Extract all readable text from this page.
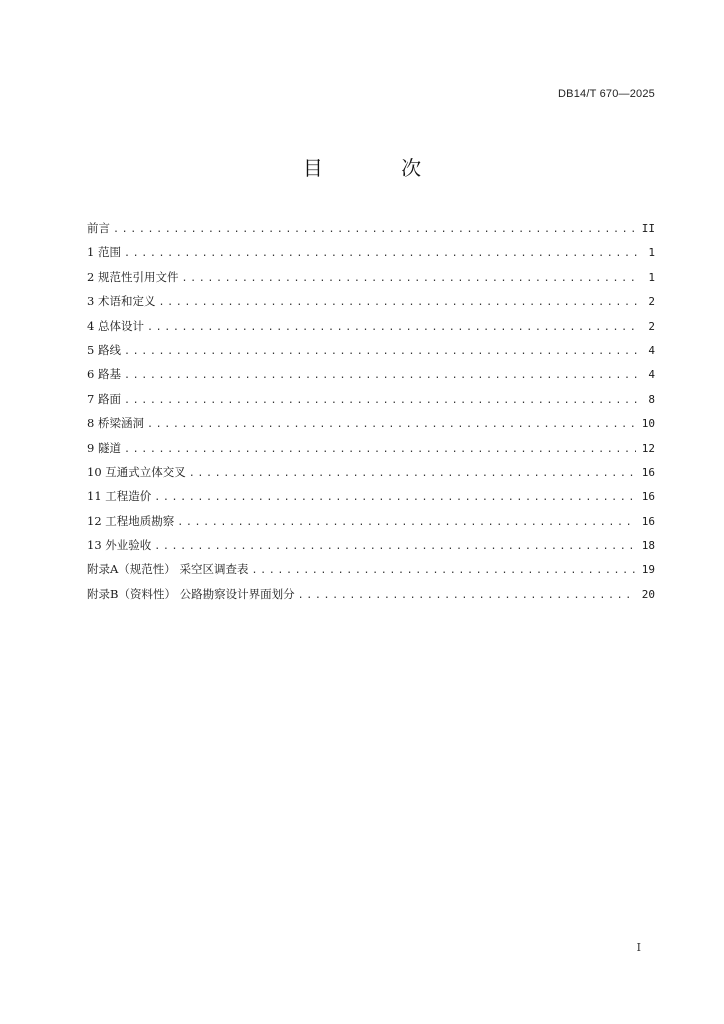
DB14/T 670—2025
目 次
前言 .....	II
1 范围 .....	1
2 规范性引用文件 .....	1
3 术语和定义 .....	2
4 总体设计 .....	2
5 路线 .....	4
6 路基 .....	4
7 路面 .....	8
8 桥梁涵洞 .....	10
9 隧道 .....	12
10 互通式立体交叉 .....	16
11 工程造价 .....	16
12 工程地质勘察 .....	16
13 外业验收 .....	18
附录A（规范性） 采空区调查表 .....	19
附录B（资料性） 公路勘察设计界面划分 .....	20
I
